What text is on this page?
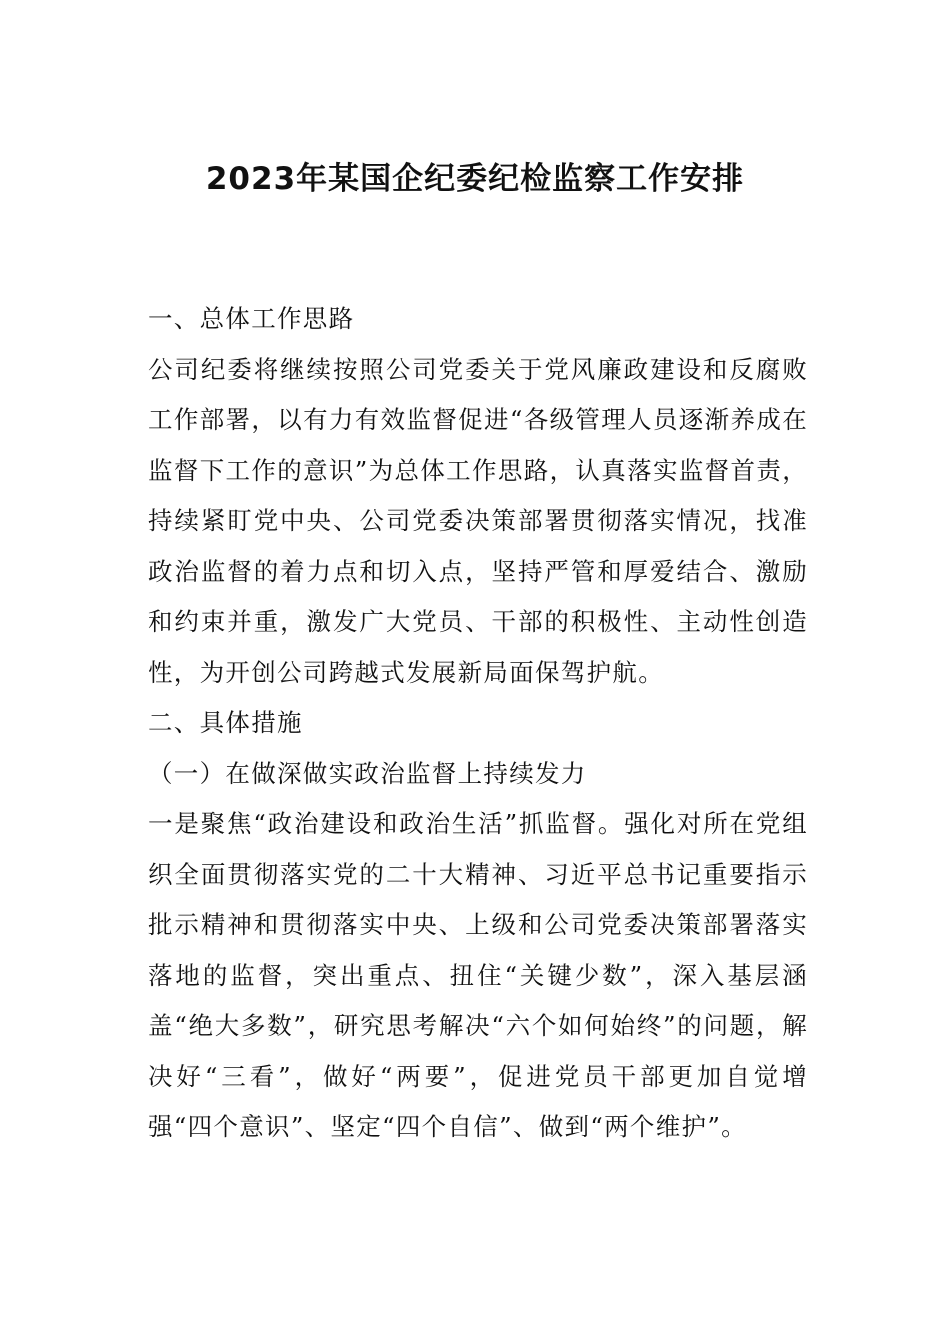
2023年某国企纪委纪检监察工作安排

一、总体工作思路

公司纪委将继续按照公司党委关于党风廉政建设和反腐败工作部署，以有力有效监督促进“各级管理人员逐渐养成在监督下工作的意识”为总体工作思路，认真落实监督首责，持续紧盯党中央、公司党委决策部署贯彻落实情况，找准政治监督的着力点和切入点，坚持严管和厚爱结合、激励和约束并重，激发广大党员、干部的积极性、主动性创造性，为开创公司跨越式发展新局面保驾护航。

二、具体措施

（一）在做深做实政治监督上持续发力

一是聚焦“政治建设和政治生活”抓监督。强化对所在党组织全面贯彻落实党的二十大精神、习近平总书记重要指示批示精神和贯彻落实中央、上级和公司党委决策部署落实落地的监督，突出重点、扭住“关键少数”，深入基层涵盖“绝大多数”，研究思考解决“六个如何始终”的问题，解决好“三看”，做好“两要”，促进党员干部更加自觉增强“四个意识”、坚定“四个自信”、做到“两个维护”。
